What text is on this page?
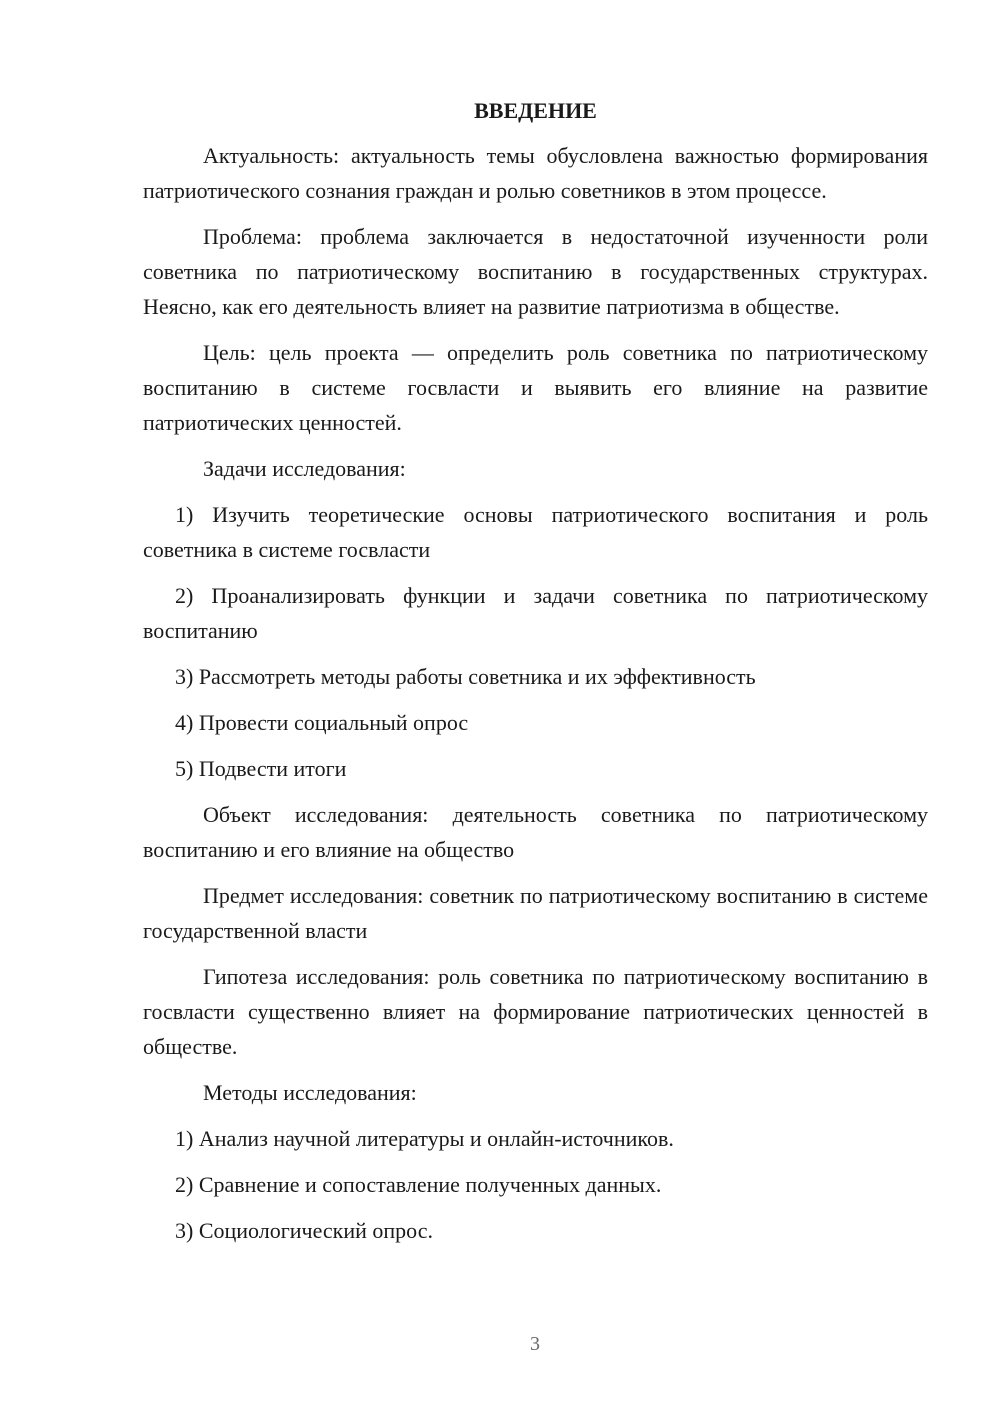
ВВЕДЕНИЕ

Актуальность: актуальность темы обусловлена важностью формирования патриотического сознания граждан и ролью советников в этом процессе.

Проблема: проблема заключается в недостаточной изученности роли советника по патриотическому воспитанию в государственных структурах. Неясно, как его деятельность влияет на развитие патриотизма в обществе.

Цель: цель проекта — определить роль советника по патриотическому воспитанию в системе госвласти и выявить его влияние на развитие патриотических ценностей.

Задачи исследования:

1) Изучить теоретические основы патриотического воспитания и роль советника в системе госвласти

2) Проанализировать функции и задачи советника по патриотическому воспитанию

3) Рассмотреть методы работы советника и их эффективность

4) Провести социальный опрос

5) Подвести итоги

Объект исследования: деятельность советника по патриотическому воспитанию и его влияние на общество

Предмет исследования: советник по патриотическому воспитанию в системе государственной власти

Гипотеза исследования: роль советника по патриотическому воспитанию в госвласти существенно влияет на формирование патриотических ценностей в обществе.

Методы исследования:

1) Анализ научной литературы и онлайн-источников.

2) Сравнение и сопоставление полученных данных.

3) Социологический опрос.

3
